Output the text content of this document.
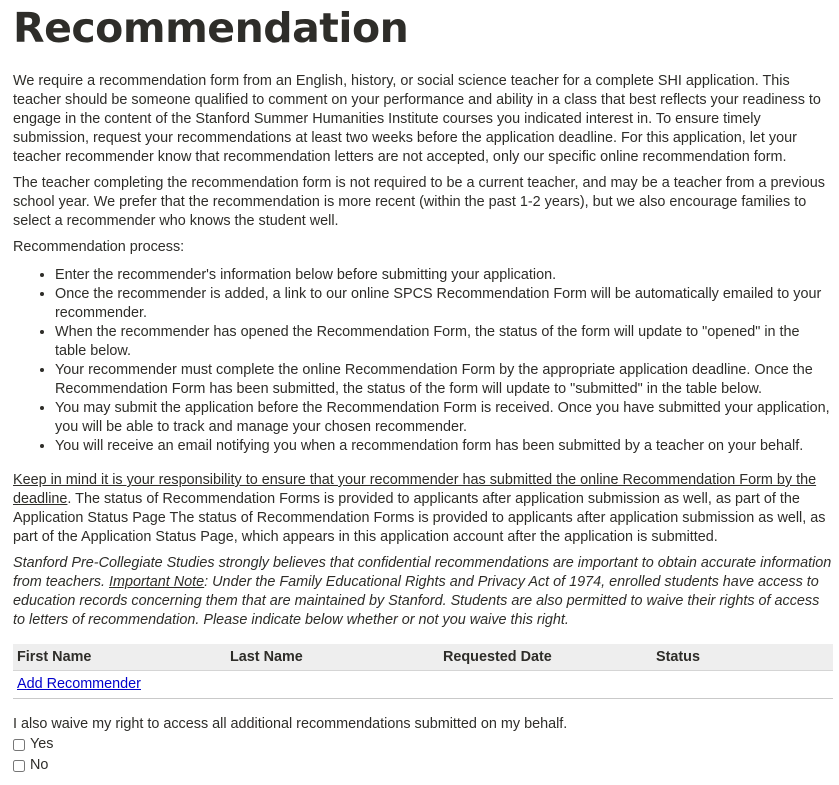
Recommendation

We require a recommendation form from an English, history, or social science teacher for a complete SHI application. This teacher should be someone qualified to comment on your performance and ability in a class that best reflects your readiness to engage in the content of the Stanford Summer Humanities Institute courses you indicated interest in. To ensure timely submission, request your recommendations at least two weeks before the application deadline. For this application, let your teacher recommender know that recommendation letters are not accepted, only our specific online recommendation form.

The teacher completing the recommendation form is not required to be a current teacher, and may be a teacher from a previous school year. We prefer that the recommendation is more recent (within the past 1-2 years), but we also encourage families to select a recommender who knows the student well.

Recommendation process:

• Enter the recommender's information below before submitting your application.
• Once the recommender is added, a link to our online SPCS Recommendation Form will be automatically emailed to your recommender.
• When the recommender has opened the Recommendation Form, the status of the form will update to "opened" in the table below.
• Your recommender must complete the online Recommendation Form by the appropriate application deadline. Once the Recommendation Form has been submitted, the status of the form will update to "submitted" in the table below.
• You may submit the application before the Recommendation Form is received. Once you have submitted your application, you will be able to track and manage your chosen recommender.
• You will receive an email notifying you when a recommendation form has been submitted by a teacher on your behalf.

Keep in mind it is your responsibility to ensure that your recommender has submitted the online Recommendation Form by the deadline. The status of Recommendation Forms is provided to applicants after application submission as well, as part of the Application Status Page The status of Recommendation Forms is provided to applicants after application submission as well, as part of the Application Status Page, which appears in this application account after the application is submitted.

Stanford Pre-Collegiate Studies strongly believes that confidential recommendations are important to obtain accurate information from teachers. Important Note: Under the Family Educational Rights and Privacy Act of 1974, enrolled students have access to education records concerning them that are maintained by Stanford. Students are also permitted to waive their rights of access to letters of recommendation. Please indicate below whether or not you waive this right.

First Name	Last Name	Requested Date	Status
Add Recommender

I also waive my right to access all additional recommendations submitted on my behalf.

Yes
No
